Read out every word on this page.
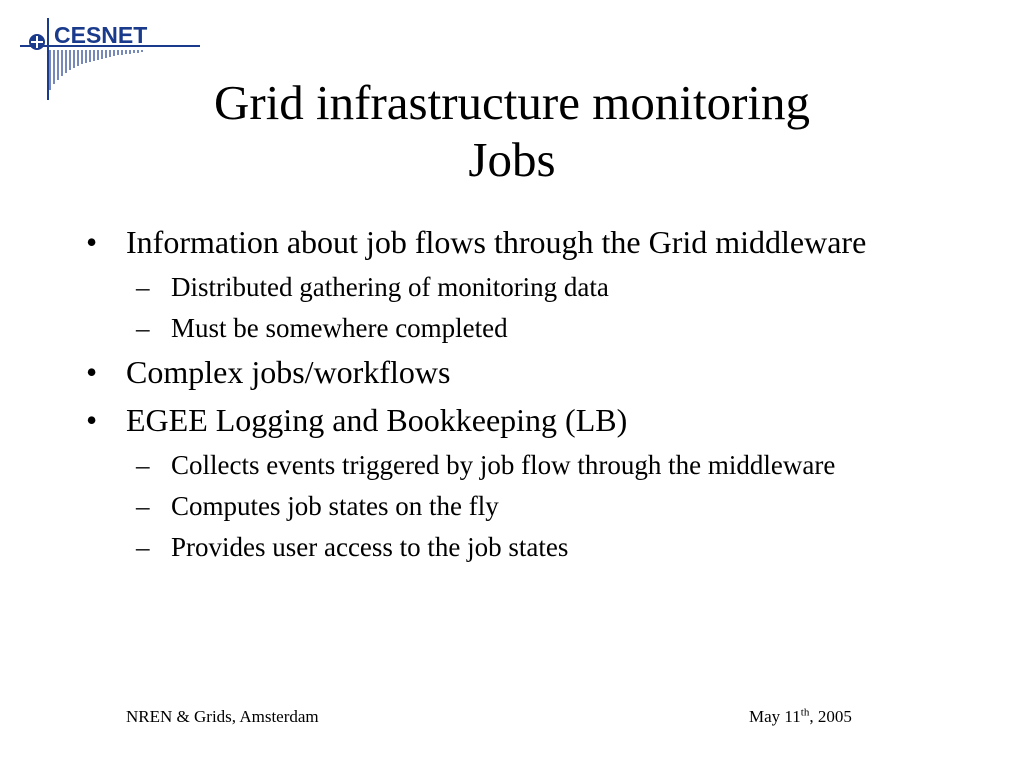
CESNET
Grid infrastructure monitoring
Jobs
• Information about job flows through the Grid middleware
– Distributed gathering of monitoring data
– Must be somewhere completed
• Complex jobs/workflows
• EGEE Logging and Bookkeeping (LB)
– Collects events triggered by job flow through the middleware
– Computes job states on the fly
– Provides user access to the job states
NREN & Grids, Amsterdam	May 11th, 2005
